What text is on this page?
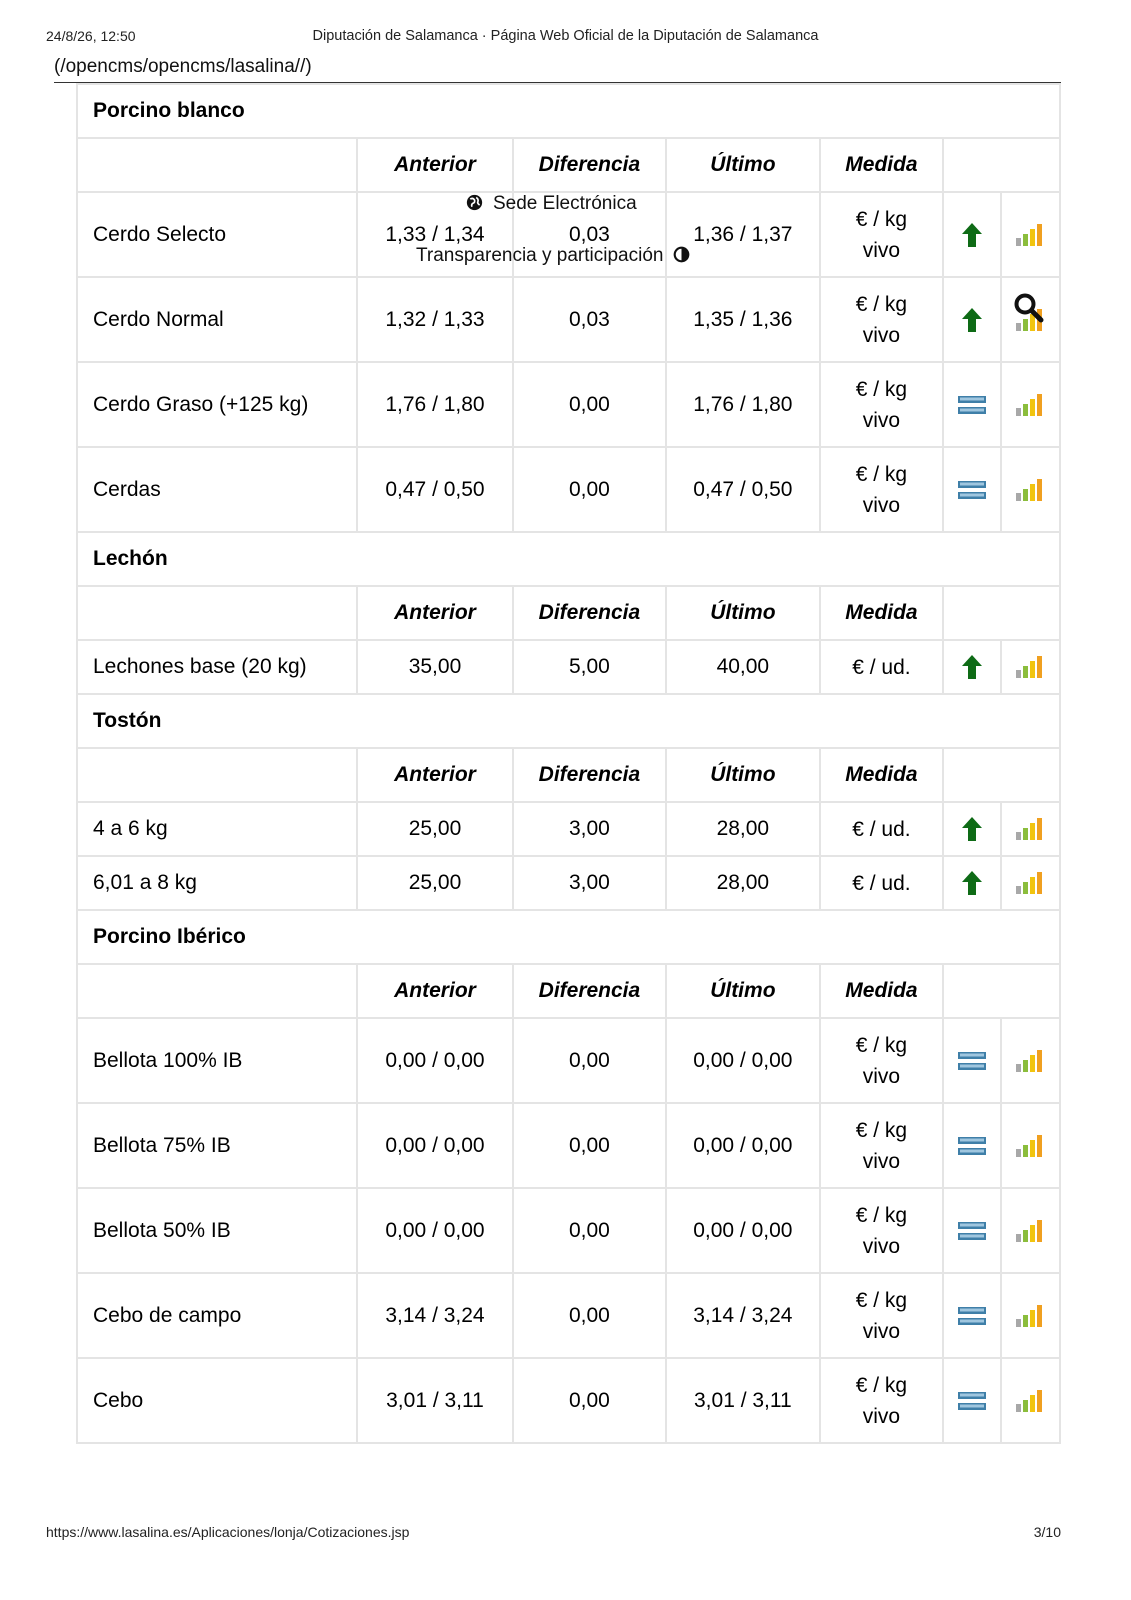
24/8/26, 12:50	Diputación de Salamanca · Página Web Oficial de la Diputación de Salamanca
(/opencms/opencms/lasalina//)
Porcino blanco						
	Anterior	Diferencia	Último	Medida		
Cerdo Selecto	1,33 / 1,34	0,03	1,36 / 1,37	€ / kg
vivo

Cerdo Normal	1,32 / 1,33	0,03	1,35 / 1,36	€ / kg
vivo

Cerdo Graso (+125 kg)	1,76 / 1,80	0,00	1,76 / 1,80	€ / kg
vivo

Cerdas	0,47 / 0,50	0,00	0,47 / 0,50	€ / kg
vivo

Lechón						
	Anterior	Diferencia	Último	Medida		
Lechones base (20 kg)	35,00	5,00	40,00	€ / ud.

Tostón						
	Anterior	Diferencia	Último	Medida		
4 a 6 kg	25,00	3,00	28,00	€ / ud.

6,01 a 8 kg	25,00	3,00	28,00	€ / ud.

Porcino Ibérico						
	Anterior	Diferencia	Último	Medida		
Bellota 100% IB	0,00 / 0,00	0,00	0,00 / 0,00	€ / kg
vivo

Bellota 75% IB	0,00 / 0,00	0,00	0,00 / 0,00	€ / kg
vivo

Bellota 50% IB	0,00 / 0,00	0,00	0,00 / 0,00	€ / kg
vivo

Cebo de campo	3,14 / 3,24	0,00	3,14 / 3,24	€ / kg
vivo

Cebo	3,01 / 3,11	0,00	3,01 / 3,11	€ / kg
vivo

Sede Electrónica
Transparencia y participación
https://www.lasalina.es/Aplicaciones/lonja/Cotizaciones.jsp	3/10
